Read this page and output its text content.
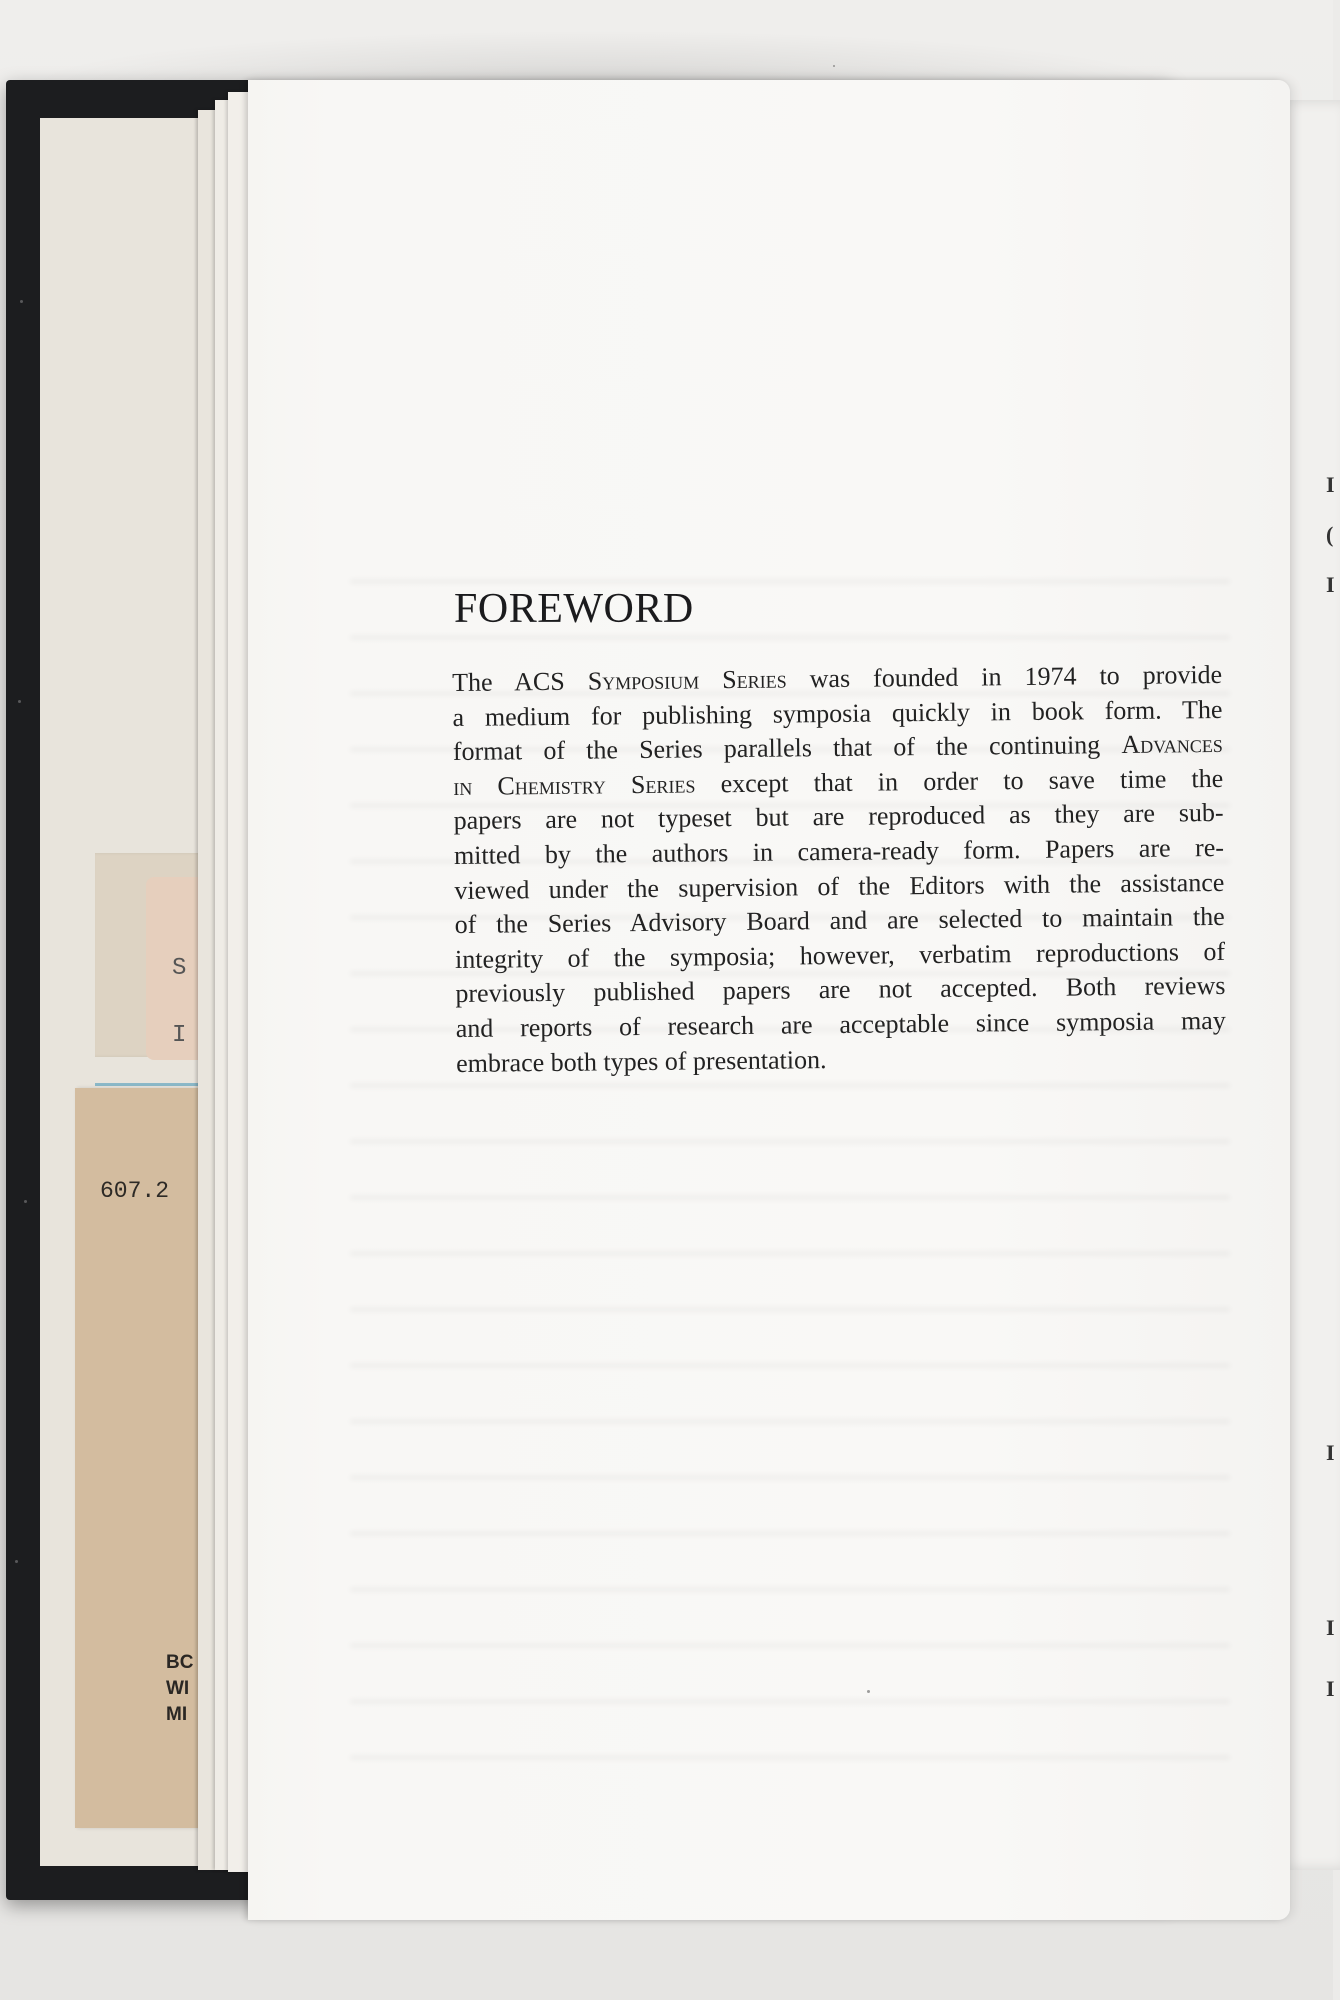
S
I
607.2
BC
WI
MI
I
(
I
I
I
I
FOREWORD
The ACS Symposium Series was founded in 1974 to provide
a medium for publishing symposia quickly in book form. The
format of the Series parallels that of the continuing Advances
in Chemistry Series except that in order to save time the
papers are not typeset but are reproduced as they are sub-
mitted by the authors in camera-ready form. Papers are re-
viewed under the supervision of the Editors with the assistance
of the Series Advisory Board and are selected to maintain the
integrity of the symposia; however, verbatim reproductions of
previously published papers are not accepted. Both reviews
and reports of research are acceptable since symposia may
embrace both types of presentation.
